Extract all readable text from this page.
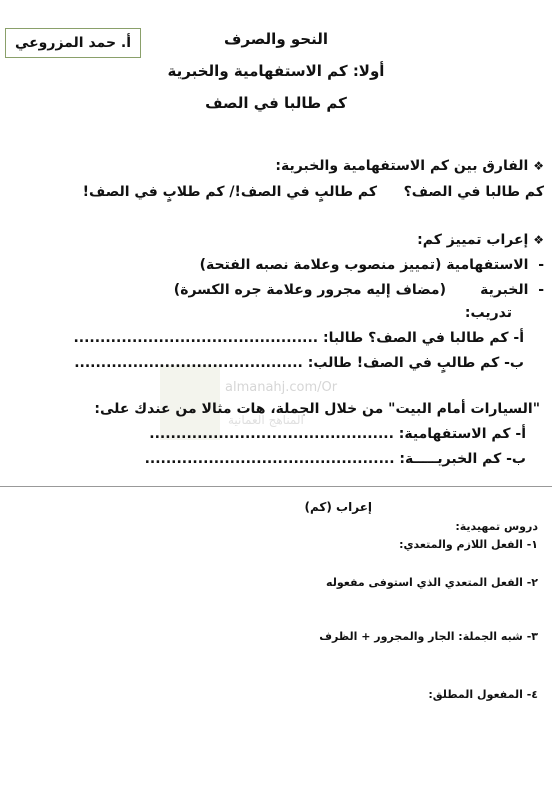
أ. حمد المزروعي	النحو والصرف
أولا: كم الاستفهامية والخبرية
كم طالبا في الصف
❖ الفارق بين كم الاستفهامية والخبرية:
كم طالبا في الصف؟
كم طالبٍ في الصف!/ كم طلابٍ في الصف!
❖ إعراب تمييز كم:
-  الاستفهامية (تمييز منصوب وعلامة نصبه الفتحة)
-  الخبرية       (مضاف إليه مجرور وعلامة جره الكسرة)
almanahj.com/Or
المناهج العمانية
تدريب:
أ- كم طالبا في الصف؟ طالبا: ..............................................
ب- كم طالبٍ في الصف! طالب: ...........................................
"السيارات أمام البيت" من خلال الجملة، هات مثالا من عندك على:
أ- كم الاستفهامية: ..............................................
ب- كم الخبريـــــة: ...............................................
إعراب (كم)
دروس تمهيدية:
١- الفعل اللازم والمتعدي:
٢- الفعل المتعدي الذي استوفى مفعوله
٣- شبه الجملة: الجار والمجرور + الظرف
٤- المفعول المطلق:
